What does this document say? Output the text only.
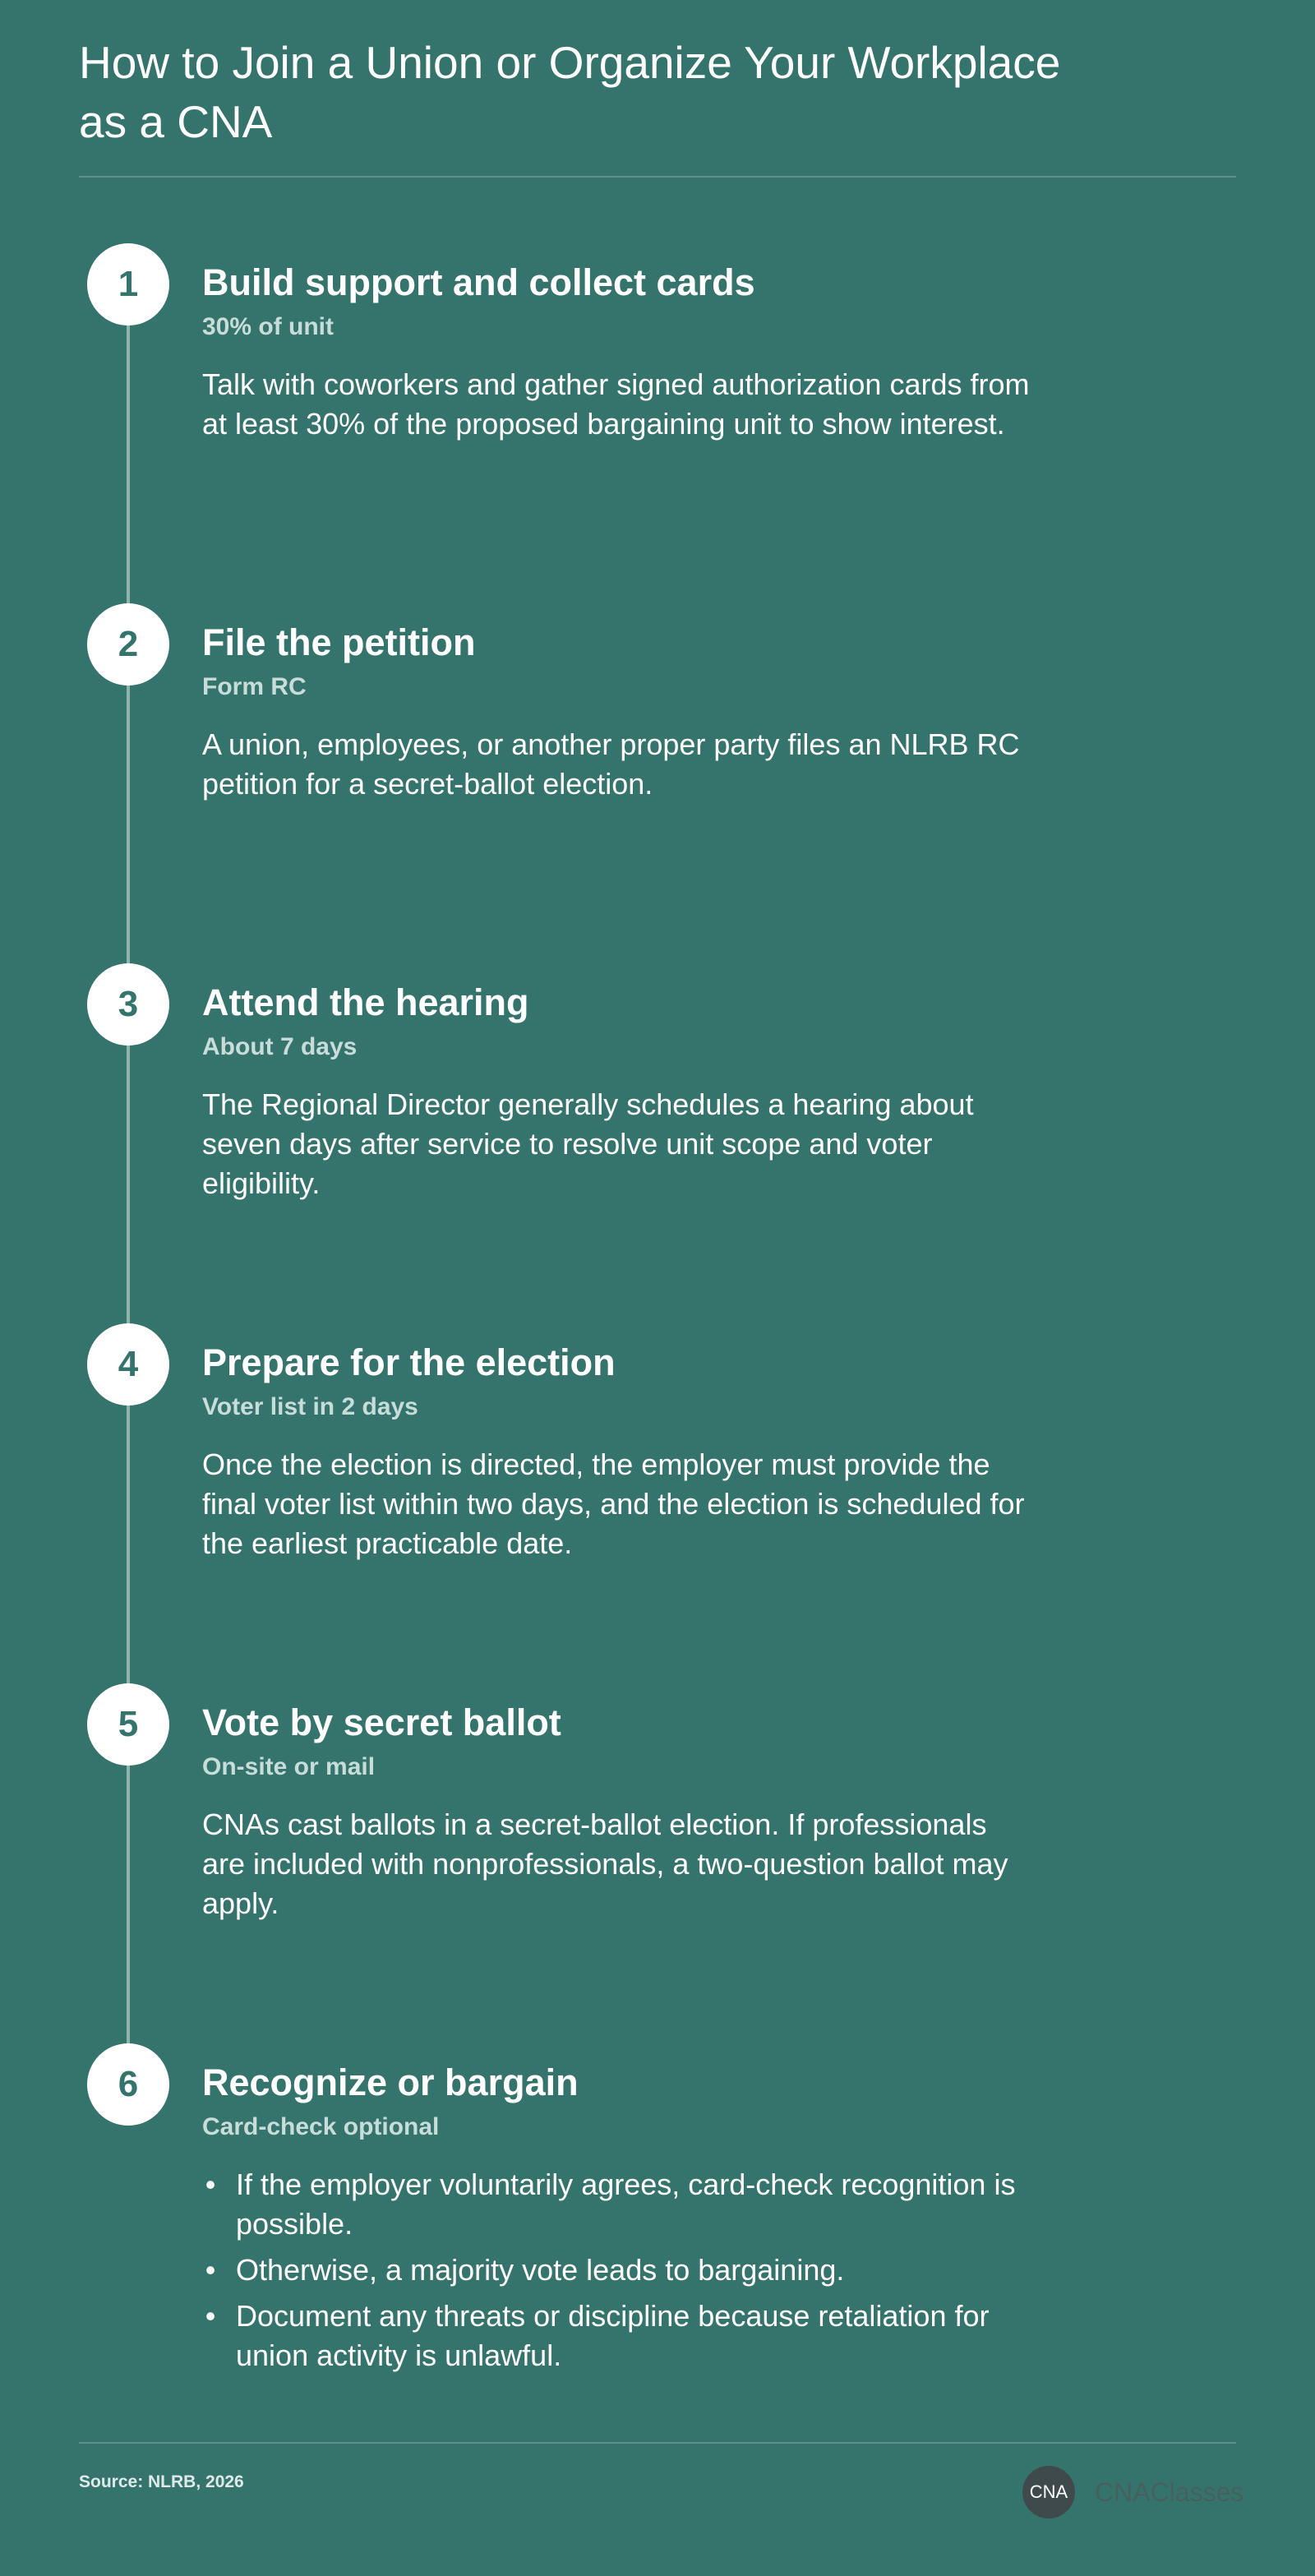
How to Join a Union or Organize Your Workplace
as a CNA
1	Build support and collect cards
30% of unit

Talk with coworkers and gather signed authorization cards from at least 30% of the proposed bargaining unit to show interest.

2	File the petition
Form RC

A union, employees, or another proper party files an NLRB RC petition for a secret-ballot election.

3	Attend the hearing
About 7 days

The Regional Director generally schedules a hearing about seven days after service to resolve unit scope and voter eligibility.

4	Prepare for the election
Voter list in 2 days

Once the election is directed, the employer must provide the final voter list within two days, and the election is scheduled for the earliest practicable date.

5	Vote by secret ballot
On-site or mail

CNAs cast ballots in a secret-ballot election. If professionals are included with nonprofessionals, a two-question ballot may apply.

6	Recognize or bargain
Card-check optional
• If the employer voluntarily agrees, card-check recognition is possible.
• Otherwise, a majority vote leads to bargaining.
• Document any threats or discipline because retaliation for union activity is unlawful.
Source: NLRB, 2026	CNA CNAClasses
